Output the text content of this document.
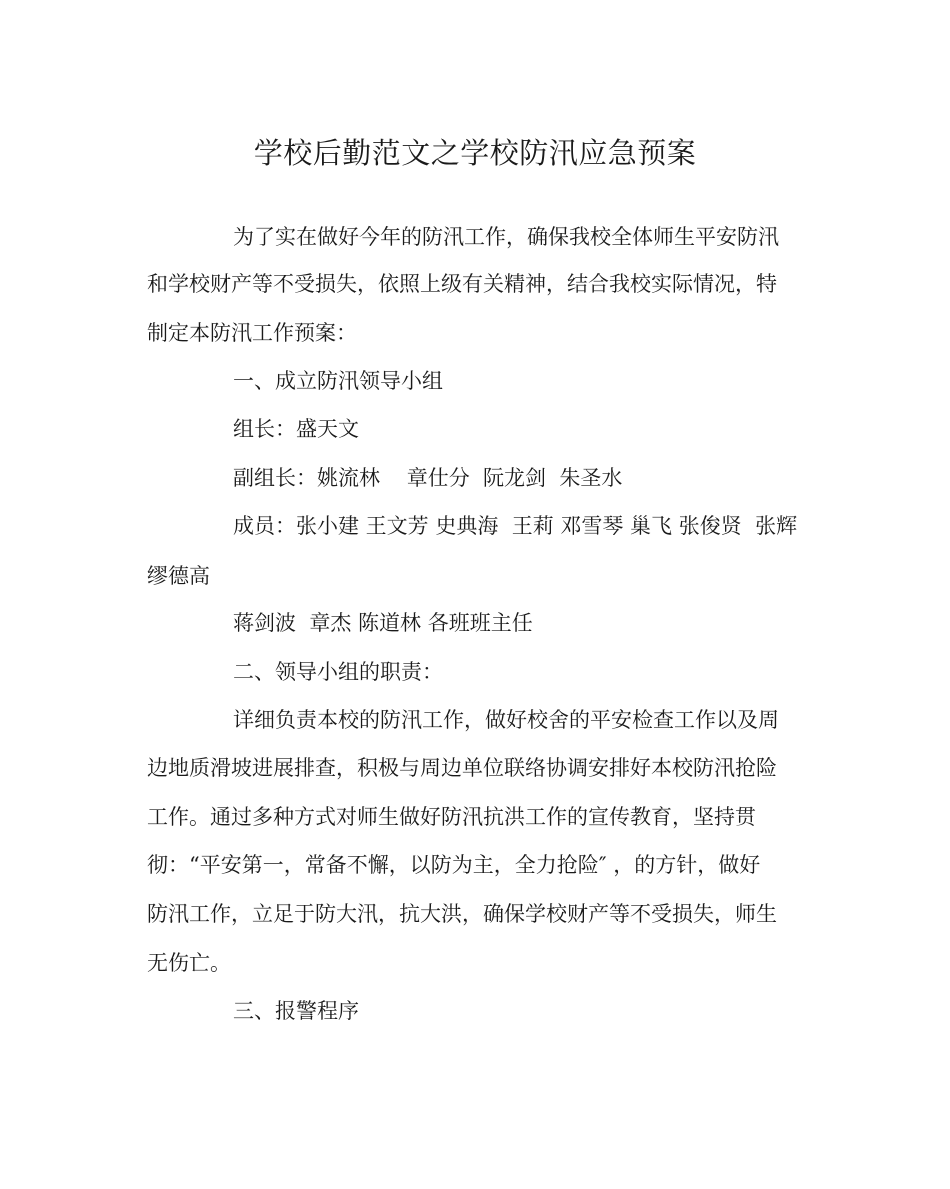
学校后勤范文之学校防汛应急预案
为了实在做好今年的防汛工作，确保我校全体师生平安防汛
和学校财产等不受损失，依照上级有关精神，结合我校实际情况，特
制定本防汛工作预案：
一、成立防汛领导小组
组长：盛天文
副组长：姚流林    章仕分  阮龙剑  朱圣水
成员：张小建 王文芳 史典海  王莉 邓雪琴 巢飞 张俊贤  张辉
缪德高
蒋剑波  章杰 陈道林 各班班主任
二、领导小组的职责：
详细负责本校的防汛工作，做好校舍的平安检查工作以及周
边地质滑坡进展排查，积极与周边单位联络协调安排好本校防汛抢险
工作。通过多种方式对师生做好防汛抗洪工作的宣传教育，坚持贯
彻：“平安第一，常备不懈，以防为主，全力抢险″ ，的方针，做好
防汛工作，立足于防大汛，抗大洪，确保学校财产等不受损失，师生
无伤亡。
三、报警程序
